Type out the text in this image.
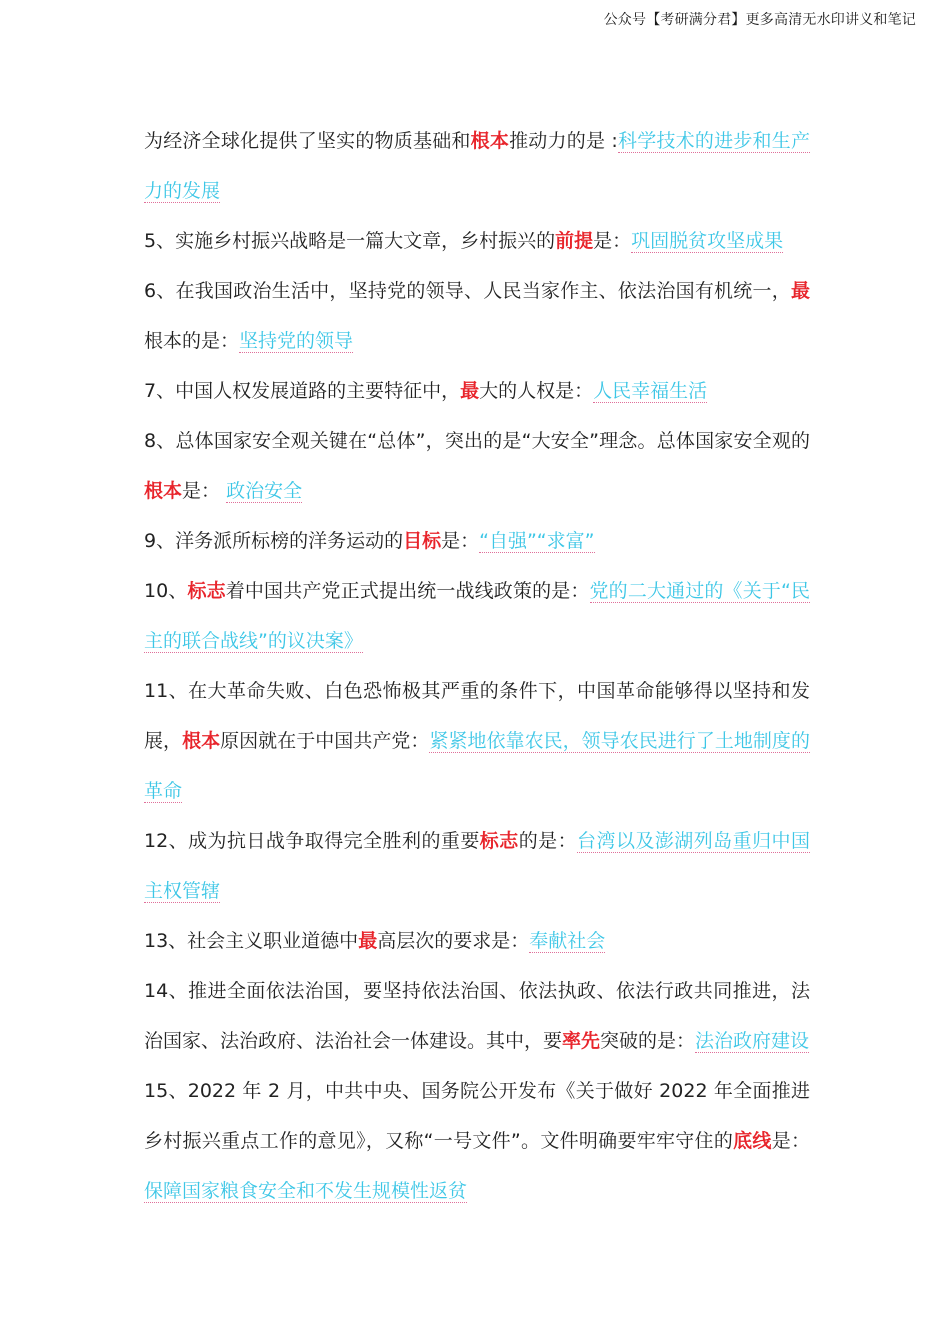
公众号【考研满分君】更多高清无水印讲义和笔记

为经济全球化提供了坚实的物质基础和根本推动力的是 :科学技术的进步和生产力的发展

5、实施乡村振兴战略是一篇大文章，乡村振兴的前提是：巩固脱贫攻坚成果

6、在我国政治生活中，坚持党的领导、人民当家作主、依法治国有机统一，最根本的是：坚持党的领导

7、中国人权发展道路的主要特征中，最大的人权是：人民幸福生活

8、总体国家安全观关键在“总体”，突出的是“大安全”理念。总体国家安全观的根本是： 政治安全

9、洋务派所标榜的洋务运动的目标是：“自强”“求富”

10、标志着中国共产党正式提出统一战线政策的是：党的二大通过的《关于“民主的联合战线”的议决案》

11、在大革命失败、白色恐怖极其严重的条件下，中国革命能够得以坚持和发展，根本原因就在于中国共产党：紧紧地依靠农民，领导农民进行了土地制度的革命

12、成为抗日战争取得完全胜利的重要标志的是：台湾以及澎湖列岛重归中国主权管辖

13、社会主义职业道德中最高层次的要求是：奉献社会

14、推进全面依法治国，要坚持依法治国、依法执政、依法行政共同推进，法治国家、法治政府、法治社会一体建设。其中，要率先突破的是：法治政府建设

15、2022 年 2 月，中共中央、国务院公开发布《关于做好 2022 年全面推进乡村振兴重点工作的意见》，又称“一号文件”。文件明确要牢牢守住的底线是：保障国家粮食安全和不发生规模性返贫
